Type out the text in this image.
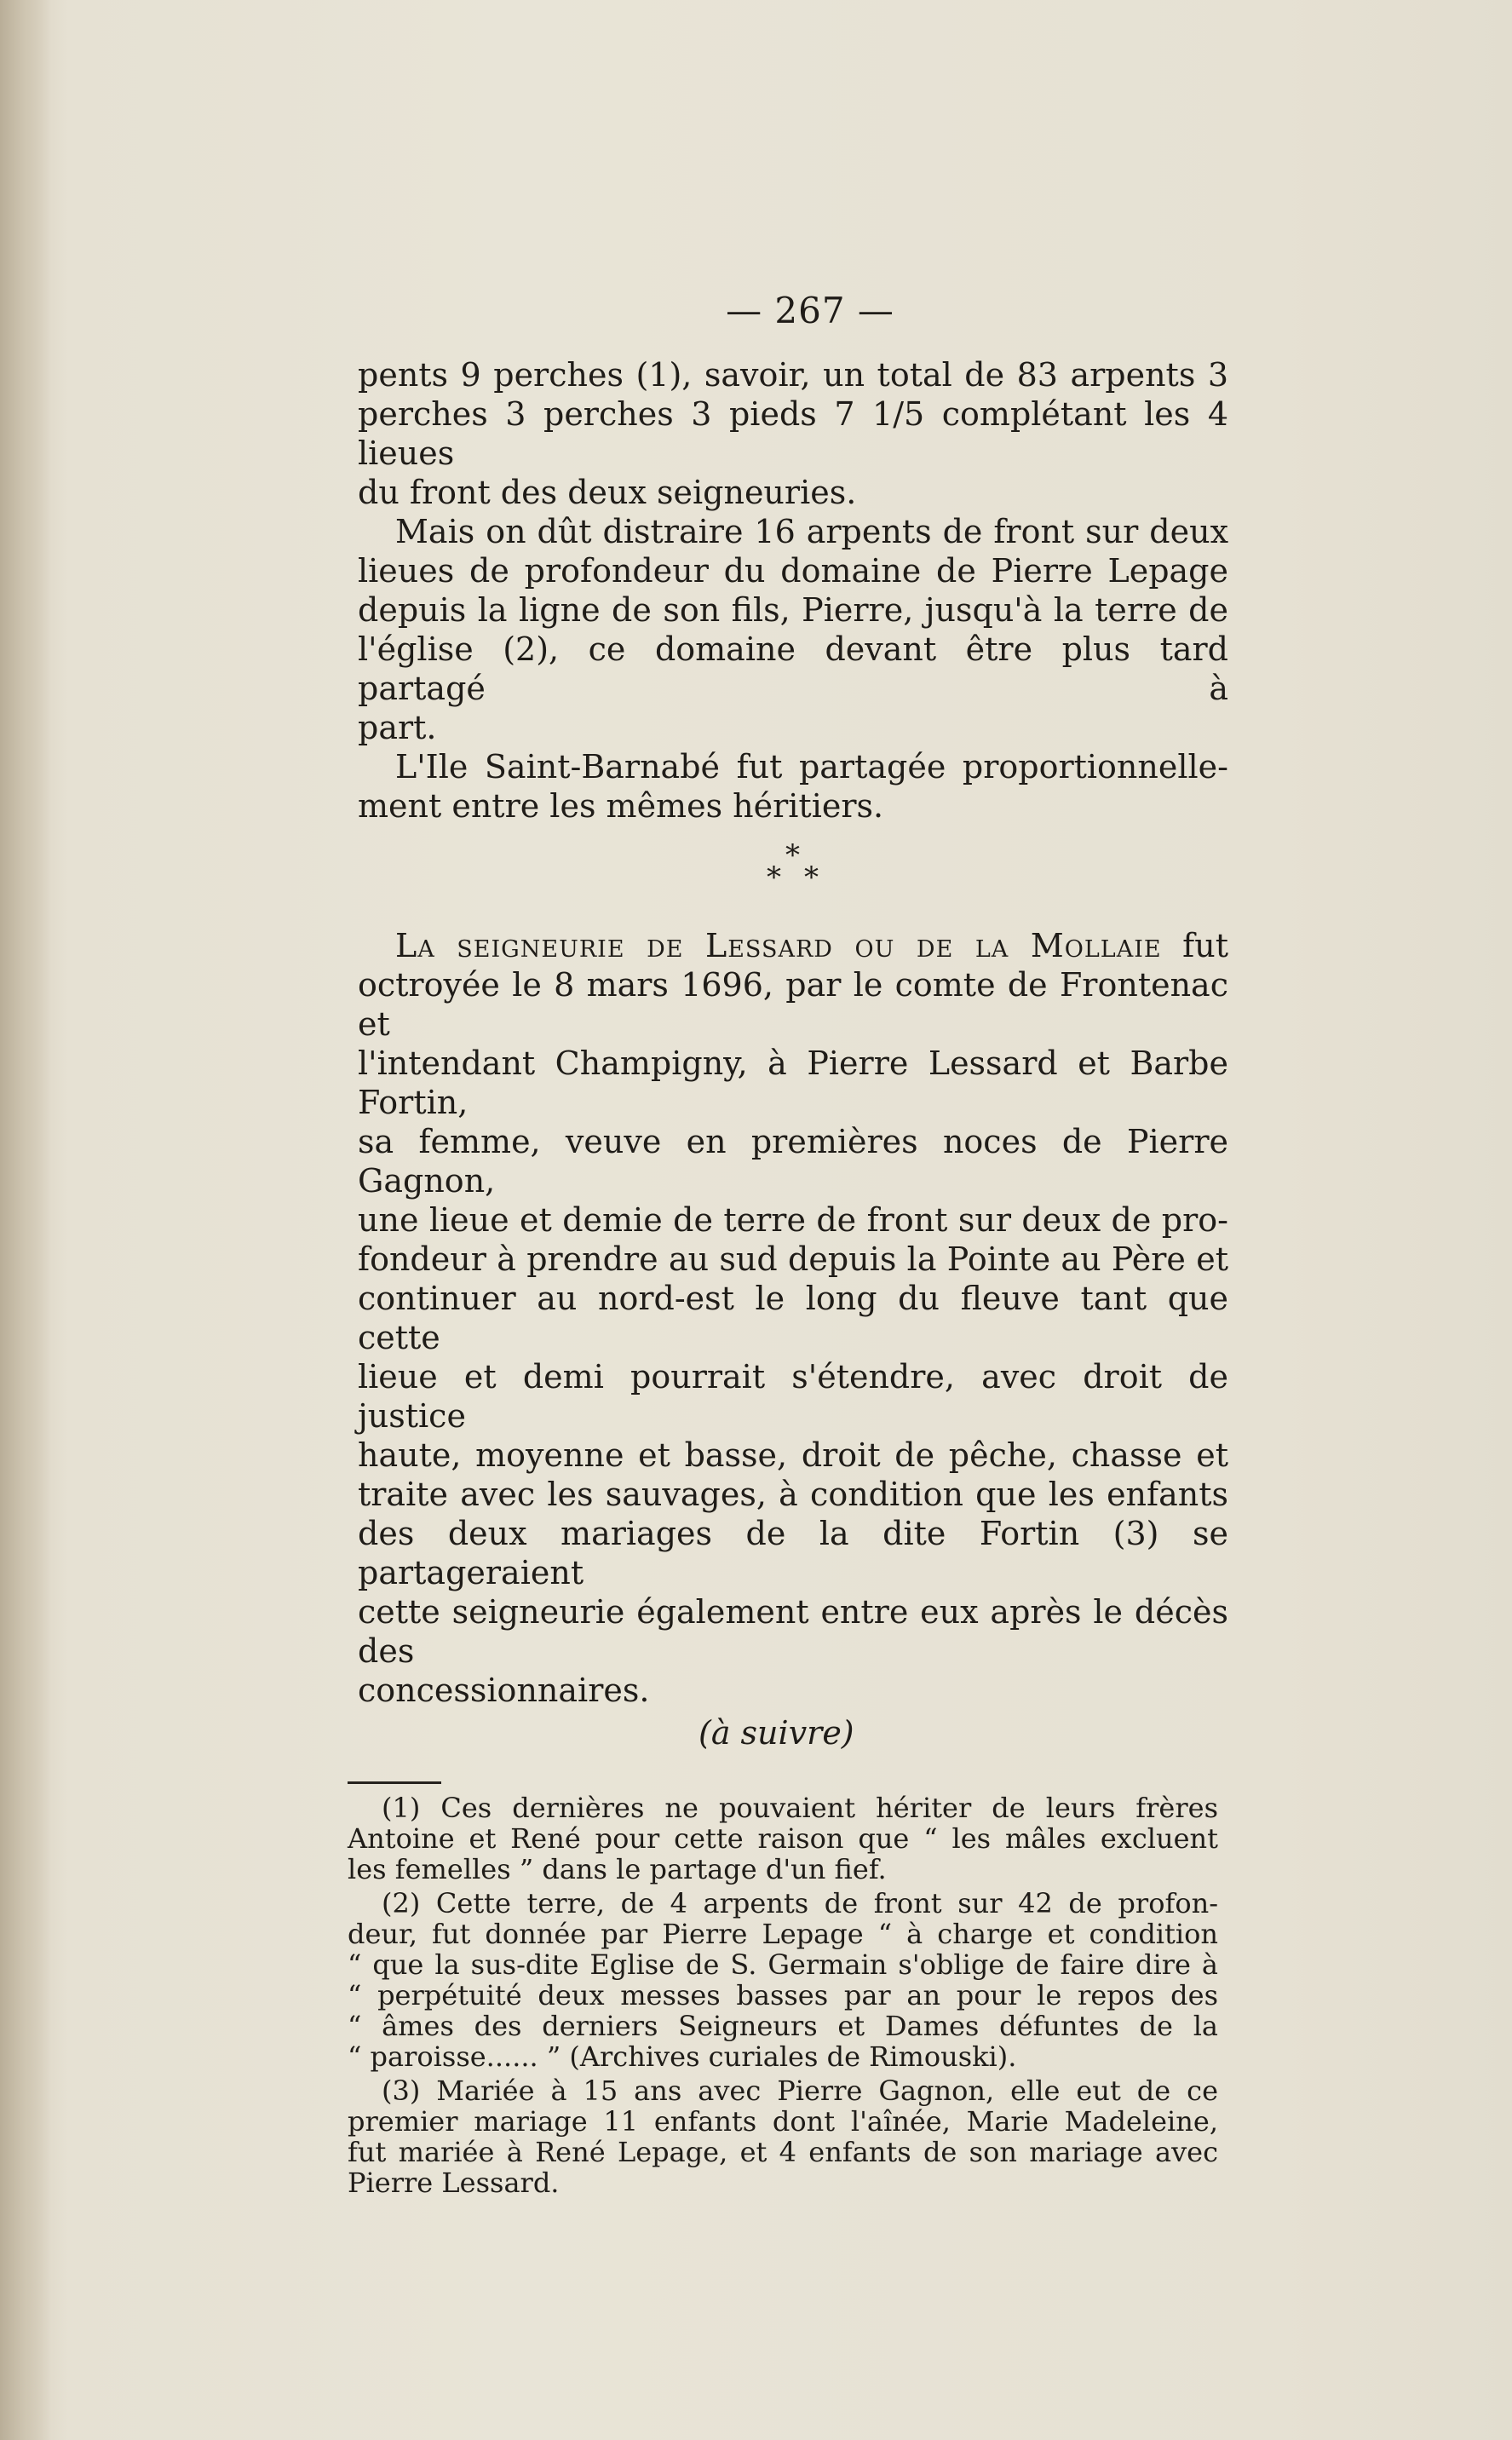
— 267 —

pents 9 perches (1), savoir, un total de 83 arpents 3
perches 3 perches 3 pieds 7 1/5 complétant les 4 lieues
du front des deux seigneuries.

Mais on dût distraire 16 arpents de front sur deux
lieues de profondeur du domaine de Pierre Lepage
depuis la ligne de son fils, Pierre, jusqu'à la terre de
l'église (2), ce domaine devant être plus tard partagé à
part.

L'Ile Saint-Barnabé fut partagée proportionnelle-
ment entre les mêmes héritiers.

*
* *

La seigneurie de Lessard ou de la Mollaie fut
octroyée le 8 mars 1696, par le comte de Frontenac et
l'intendant Champigny, à Pierre Lessard et Barbe Fortin,
sa femme, veuve en premières noces de Pierre Gagnon,
une lieue et demie de terre de front sur deux de pro-
fondeur à prendre au sud depuis la Pointe au Père et
continuer au nord-est le long du fleuve tant que cette
lieue et demi pourrait s'étendre, avec droit de justice
haute, moyenne et basse, droit de pêche, chasse et
traite avec les sauvages, à condition que les enfants
des deux mariages de la dite Fortin (3) se partageraient
cette seigneurie également entre eux après le décès des
concessionnaires.

(à suivre)

(1) Ces dernières ne pouvaient hériter de leurs frères
Antoine et René pour cette raison que “ les mâles excluent
les femelles ” dans le partage d'un fief.

(2) Cette terre, de 4 arpents de front sur 42 de profon-
deur, fut donnée par Pierre Lepage “ à charge et condition
“ que la sus-dite Eglise de S. Germain s'oblige de faire dire à
“ perpétuité deux messes basses par an pour le repos des
“ âmes des derniers Seigneurs et Dames défuntes de la
“ paroisse...... ” (Archives curiales de Rimouski).

(3) Mariée à 15 ans avec Pierre Gagnon, elle eut de ce
premier mariage 11 enfants dont l'aînée, Marie Madeleine,
fut mariée à René Lepage, et 4 enfants de son mariage avec
Pierre Lessard.
